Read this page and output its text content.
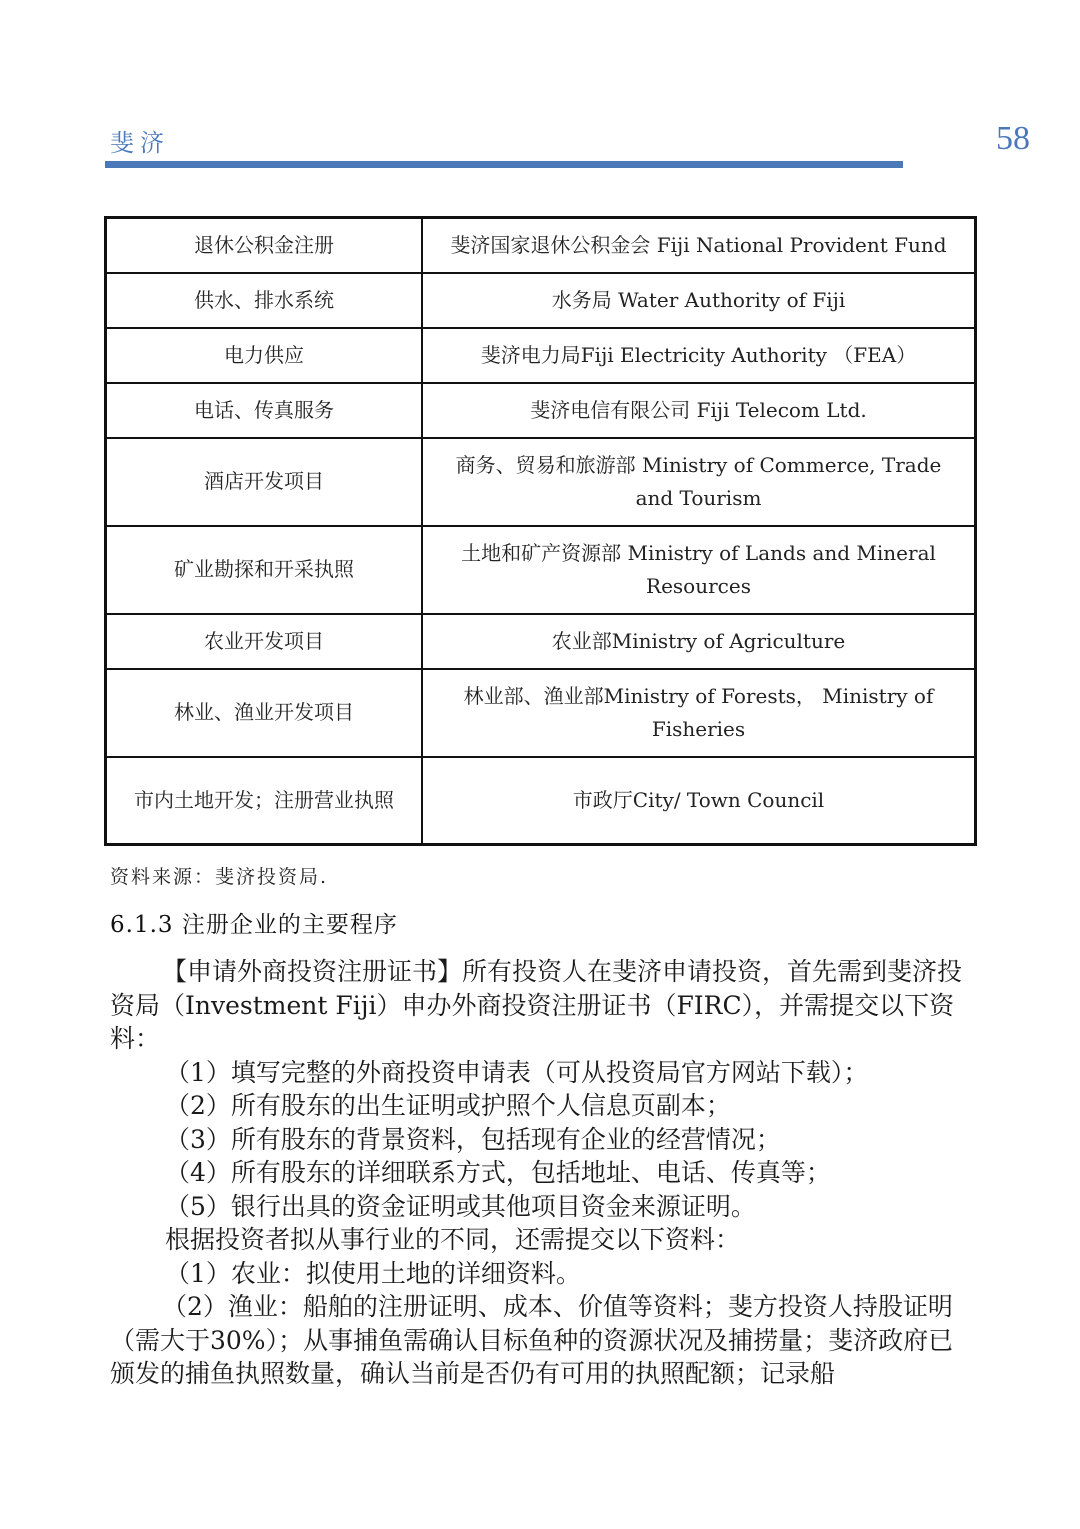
斐济	58
退休公积金注册	斐济国家退休公积金会 Fiji National Provident Fund
供水、排水系统	水务局 Water Authority of Fiji
电力供应	斐济电力局Fiji Electricity Authority （FEA）
电话、传真服务	斐济电信有限公司 Fiji Telecom Ltd.
酒店开发项目	商务、贸易和旅游部 Ministry of Commerce, Trade and Tourism
矿业勘探和开采执照	土地和矿产资源部 Ministry of Lands and Mineral Resources
农业开发项目	农业部Ministry of Agriculture
林业、渔业开发项目	林业部、渔业部Ministry of Forests， Ministry of Fisheries
市内土地开发；注册营业执照	市政厅City/ Town Council
资料来源：斐济投资局.
6.1.3 注册企业的主要程序

【申请外商投资注册证书】所有投资人在斐济申请投资，首先需到斐济投资局（Investment Fiji）申办外商投资注册证书（FIRC），并需提交以下资料：

（1）填写完整的外商投资申请表（可从投资局官方网站下载）；

（2）所有股东的出生证明或护照个人信息页副本；

（3）所有股东的背景资料，包括现有企业的经营情况；

（4）所有股东的详细联系方式，包括地址、电话、传真等；

（5）银行出具的资金证明或其他项目资金来源证明。

根据投资者拟从事行业的不同，还需提交以下资料：

（1）农业：拟使用土地的详细资料。

（2）渔业：船舶的注册证明、成本、价值等资料；斐方投资人持股证明（需大于30%）；从事捕鱼需确认目标鱼种的资源状况及捕捞量；斐济政府已颁发的捕鱼执照数量，确认当前是否仍有可用的执照配额；记录船
